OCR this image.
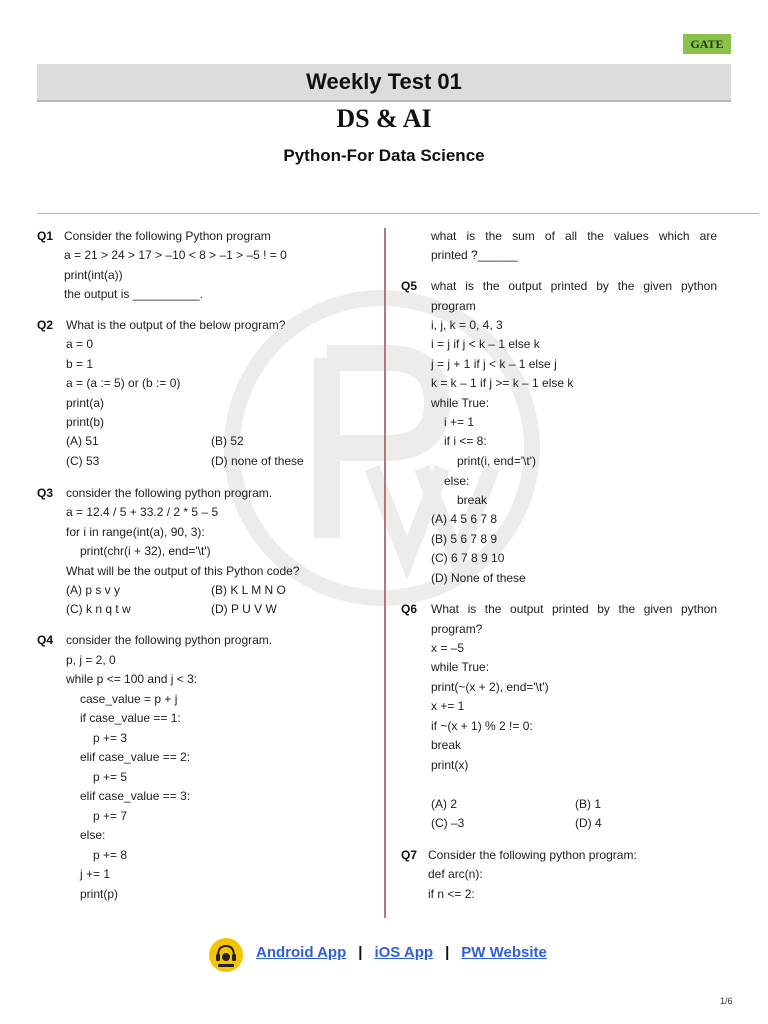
GATE
Weekly Test 01
DS & AI
Python-For Data Science
Q1 Consider the following Python program
a = 21 > 24 > 17 > –10 < 8 > –1 > –5 ! = 0
print(int(a))
the output is __________.
Q2 What is the output of the below program?
a = 0
b = 1
a = (a := 5) or (b := 0)
print(a)
print(b)
(A) 51	(B) 52
(C) 53	(D) none of these
Q3 consider the following python program.
a = 12.4 / 5 + 33.2 / 2 * 5 – 5
for i in range(int(a), 90, 3):
print(chr(i + 32), end='\t')
What will be the output of this Python code?
(A) p s v y	(B) K L M N O
(C) k n q t w	(D) P U V W
Q4 consider the following python program.
p, j = 2, 0
while p <= 100 and j < 3:
case_value = p + j
if case_value == 1:
p += 3
elif case_value == 2:
p += 5
elif case_value == 3:
p += 7
else:
p += 8
j += 1
print(p)
what is the sum of all the values which are
printed ?______
Q5 what is the output printed by the given python
program
i, j, k = 0, 4, 3
i = j if j < k – 1 else k
j = j + 1 if j < k – 1 else j
k = k – 1 if j >= k – 1 else k
while True:
i += 1
if i <= 8:
print(i, end='\t')
else:
break
(A) 4 5 6 7 8
(B) 5 6 7 8 9
(C) 6 7 8 9 10
(D) None of these
Q6 What is the output printed by the given python
program?
x = –5
while True:
print(~(x + 2), end='\t')
x += 1
if ~(x + 1) % 2 != 0:
break
print(x)
(A) 2	(B) 1
(C) –3	(D) 4
Q7 Consider the following python program:
def arc(n):
if n <= 2:
Android App | iOS App | PW Website
1/6
